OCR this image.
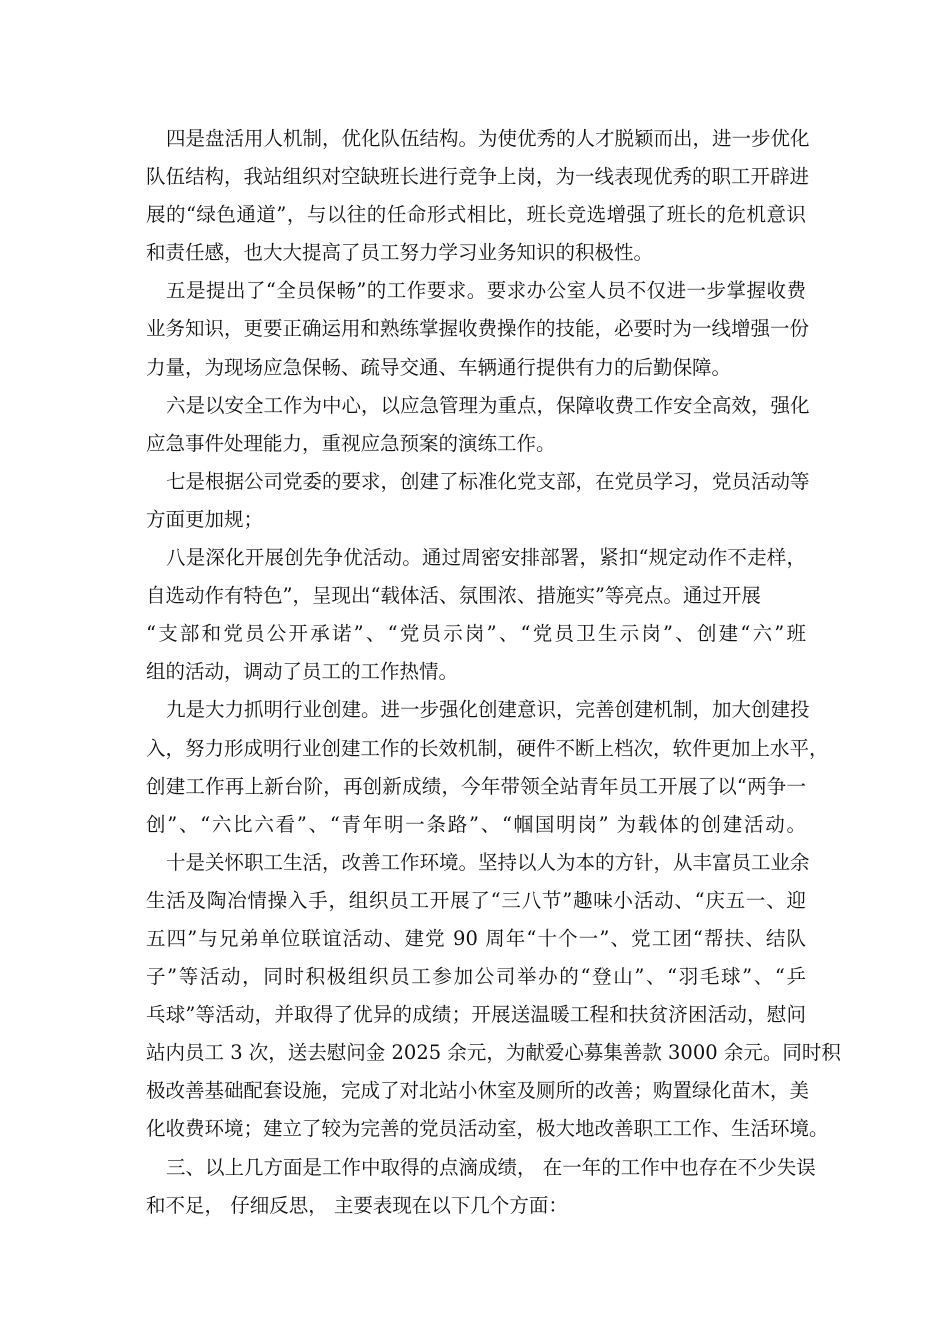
四是盘活用人机制，优化队伍结构。为使优秀的人才脱颖而出，进一步优化
队伍结构，我站组织对空缺班长进行竞争上岗，为一线表现优秀的职工开辟进
展的“绿色通道”，与以往的任命形式相比，班长竞选增强了班长的危机意识
和责任感，也大大提高了员工努力学习业务知识的积极性。
五是提出了“全员保畅”的工作要求。要求办公室人员不仅进一步掌握收费
业务知识，更要正确运用和熟练掌握收费操作的技能，必要时为一线增强一份
力量，为现场应急保畅、疏导交通、车辆通行提供有力的后勤保障。
六是以安全工作为中心，以应急管理为重点，保障收费工作安全高效，强化
应急事件处理能力，重视应急预案的演练工作。
七是根据公司党委的要求，创建了标准化党支部，在党员学习，党员活动等
方面更加规；
八是深化开展创先争优活动。通过周密安排部署，紧扣“规定动作不走样，
自选动作有特色”，呈现出“载体活、氛围浓、措施实”等亮点。通过开展
“支部和党员公开承诺”、“党员示岗”、“党员卫生示岗”、创建“六”班
组的活动，调动了员工的工作热情。
九是大力抓明行业创建。进一步强化创建意识，完善创建机制，加大创建投
入，努力形成明行业创建工作的长效机制，硬件不断上档次，软件更加上水平，
创建工作再上新台阶，再创新成绩，今年带领全站青年员工开展了以“两争一
创”、“六比六看”、“青年明一条路”、“帼国明岗” 为载体的创建活动。
十是关怀职工生活，改善工作环境。坚持以人为本的方针，从丰富员工业余
生活及陶冶情操入手，组织员工开展了“三八节”趣味小活动、“庆五一、迎
五四”与兄弟单位联谊活动、建党 90 周年“十个一”、党工团“帮扶、结队
子”等活动，同时积极组织员工参加公司举办的“登山”、“羽毛球”、“乒
乓球”等活动，并取得了优异的成绩；开展送温暖工程和扶贫济困活动，慰问
站内员工 3 次，送去慰问金 2025 余元，为献爱心募集善款 3000 余元。同时积
极改善基础配套设施，完成了对北站小休室及厕所的改善；购置绿化苗木，美
化收费环境；建立了较为完善的党员活动室，极大地改善职工工作、生活环境。
三、以上几方面是工作中取得的点滴成绩， 在一年的工作中也存在不少失误
和不足， 仔细反思， 主要表现在以下几个方面：
